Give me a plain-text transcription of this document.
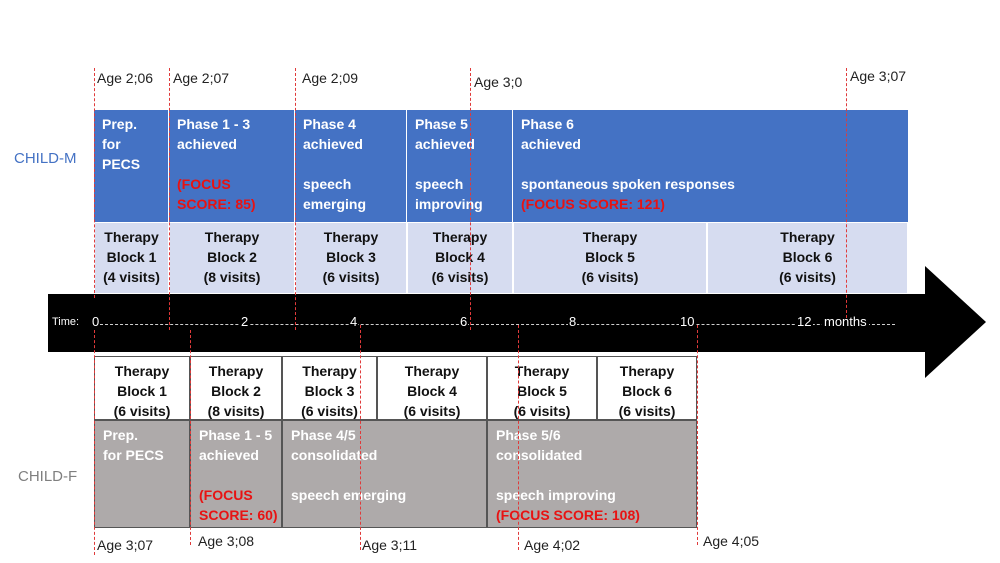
Age 2;06 Age 2;07	Age 2;09	Age 3;0	Age 3;07
CHILD-M
CHILD-F
Prep.
for
PECS
Phase 1 - 3
achieved
(FOCUS
SCORE: 85)
Phase 4
achieved
speech
emerging
Phase 5
achieved
speech
improving
Phase 6
achieved
spontaneous spoken responses
(FOCUS SCORE: 121)
Therapy
Block 1
(4 visits)
Therapy
Block 2
(8 visits)
Therapy
Block 3
(6 visits)
Therapy
Block 4
(6 visits)
Therapy
Block 5
(6 visits)
Therapy
Block 6
(6 visits)
Time: 0	2	4	6	8	10	12 months
Therapy
Block 1
(6 visits)
Therapy
Block 2
(8 visits)
Therapy
Block 3
(6 visits)
Therapy
Block 4
(6 visits)
Therapy
Block 5
(6 visits)
Therapy
Block 6
(6 visits)
Prep.
for PECS
Phase 1 - 5
achieved
(FOCUS
SCORE: 60)
Phase 4/5
consolidated
speech emerging
Phase 5/6
consolidated
speech improving
(FOCUS SCORE: 108)
Age 3;07	Age 3;08	Age 3;11	Age 4;02	Age 4;05
